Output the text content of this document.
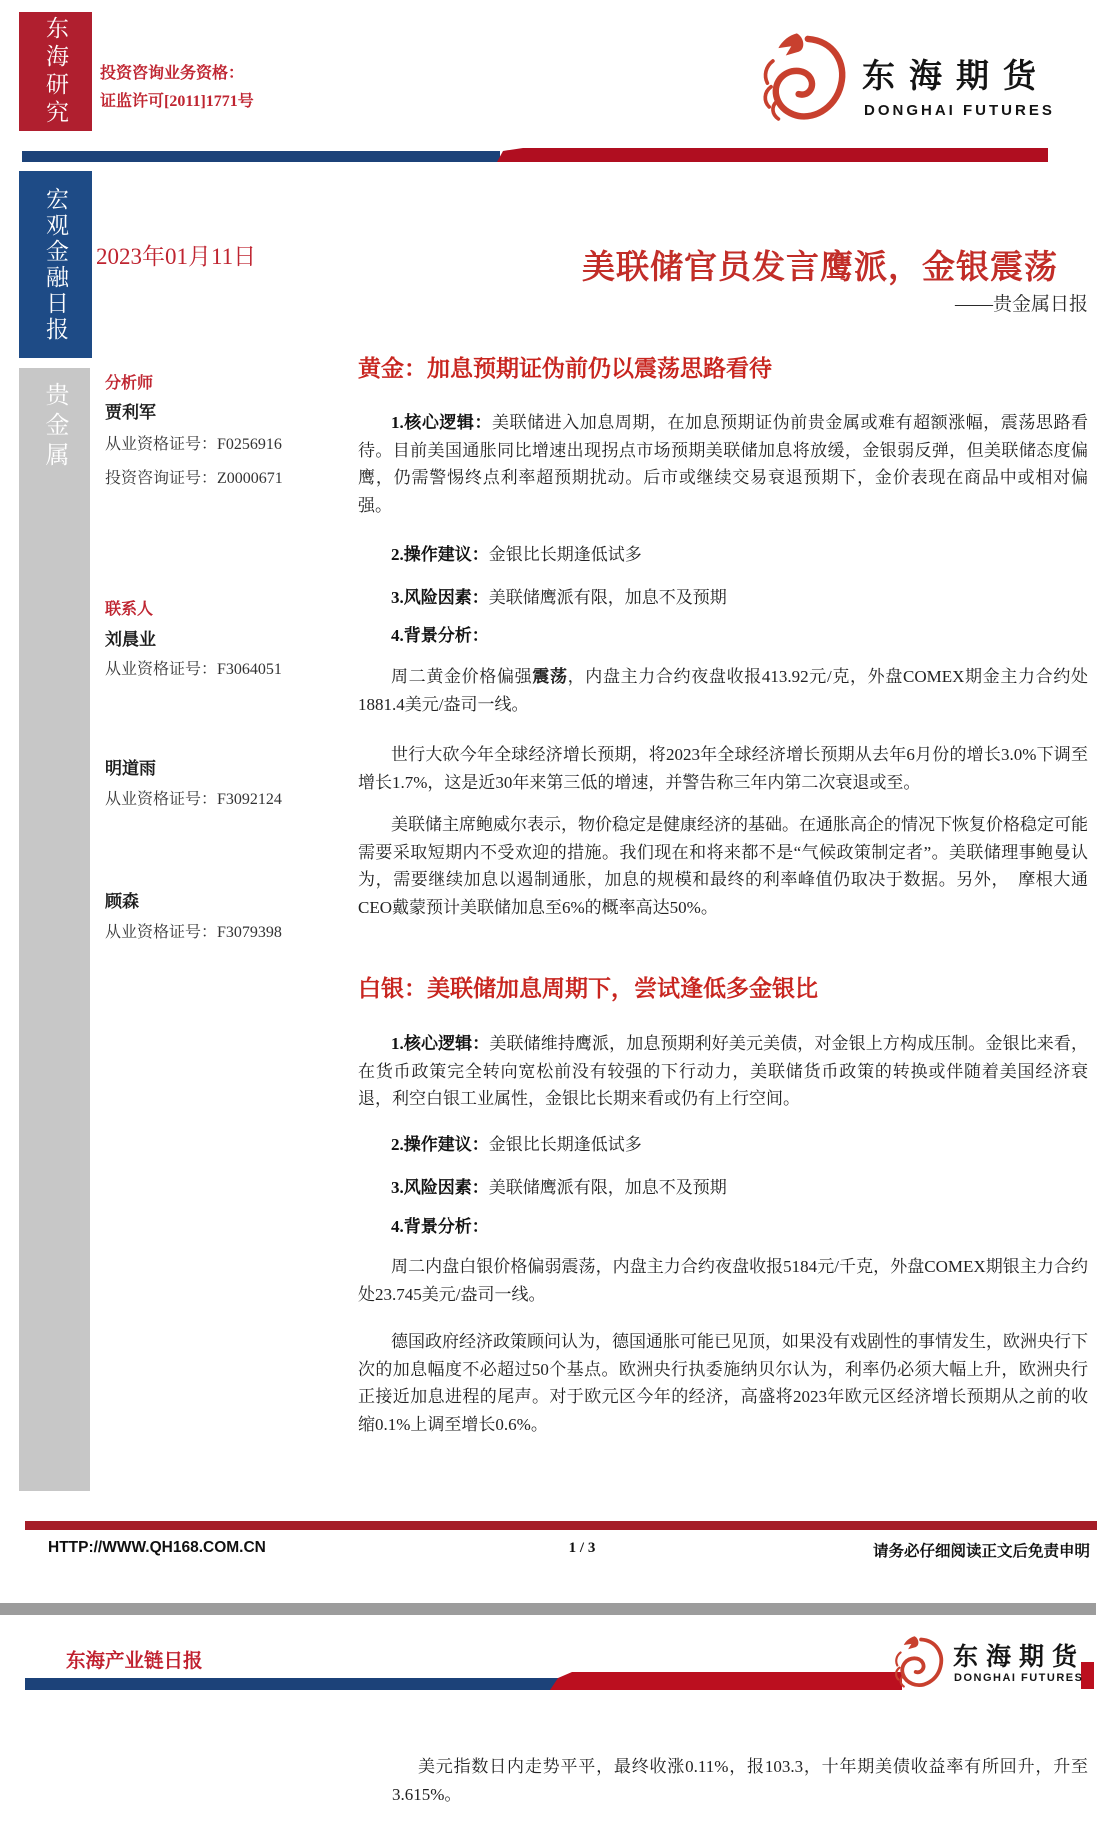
东海研究 投资咨询业务资格：
证监许可[2011]1771号
东海期货
DONGHAI FUTURES
宏观金融日报
贵金属
2023年01月11日	美联储官员发言鹰派，金银震荡
——贵金属日报
分析师
贾利军
从业资格证号：F0256916
投资咨询证号：Z0000671
联系人
刘晨业
从业资格证号：F3064051
明道雨
从业资格证号：F3092124
顾森
从业资格证号：F3079398
黄金：加息预期证伪前仍以震荡思路看待

1.核心逻辑：美联储进入加息周期，在加息预期证伪前贵金属或难有超额涨幅，震荡思路看待。目前美国通胀同比增速出现拐点市场预期美联储加息将放缓，金银弱反弹，但美联储态度偏鹰，仍需警惕终点利率超预期扰动。后市或继续交易衰退预期下，金价表现在商品中或相对偏强。

2.操作建议：金银比长期逢低试多
3.风险因素：美联储鹰派有限，加息不及预期
4.背景分析：

周二黄金价格偏强震荡，内盘主力合约夜盘收报413.92元/克，外盘COMEX期金主力合约处1881.4美元/盎司一线。

世行大砍今年全球经济增长预期，将2023年全球经济增长预期从去年6月份的增长3.0%下调至增长1.7%，这是近30年来第三低的增速，并警告称三年内第二次衰退或至。

美联储主席鲍威尔表示，物价稳定是健康经济的基础。在通胀高企的情况下恢复价格稳定可能需要采取短期内不受欢迎的措施。我们现在和将来都不是“气候政策制定者”。美联储理事鲍曼认为，需要继续加息以遏制通胀，加息的规模和最终的利率峰值仍取决于数据。另外，　摩根大通CEO戴蒙预计美联储加息至6%的概率高达50%。

白银：美联储加息周期下，尝试逢低多金银比

1.核心逻辑：美联储维持鹰派，加息预期利好美元美债，对金银上方构成压制。金银比来看，在货币政策完全转向宽松前没有较强的下行动力，美联储货币政策的转换或伴随着美国经济衰退，利空白银工业属性，金银比长期来看或仍有上行空间。

2.操作建议：金银比长期逢低试多
3.风险因素：美联储鹰派有限，加息不及预期
4.背景分析：

周二内盘白银价格偏弱震荡，内盘主力合约夜盘收报5184元/千克，外盘COMEX期银主力合约处23.745美元/盎司一线。

德国政府经济政策顾问认为，德国通胀可能已见顶，如果没有戏剧性的事情发生，欧洲央行下次的加息幅度不必超过50个基点。欧洲央行执委施纳贝尔认为，利率仍必须大幅上升，欧洲央行正接近加息进程的尾声。对于欧元区今年的经济，高盛将2023年欧元区经济增长预期从之前的收缩0.1%上调至增长0.6%。

HTTP://WWW.QH168.COM.CN	1 / 3	请务必仔细阅读正文后免责申明
东海产业链日报	东海期货
DONGHAI FUTURES

美元指数日内走势平平，最终收涨0.11%，报103.3，十年期美债收益率有所回升，升至3.615%。
